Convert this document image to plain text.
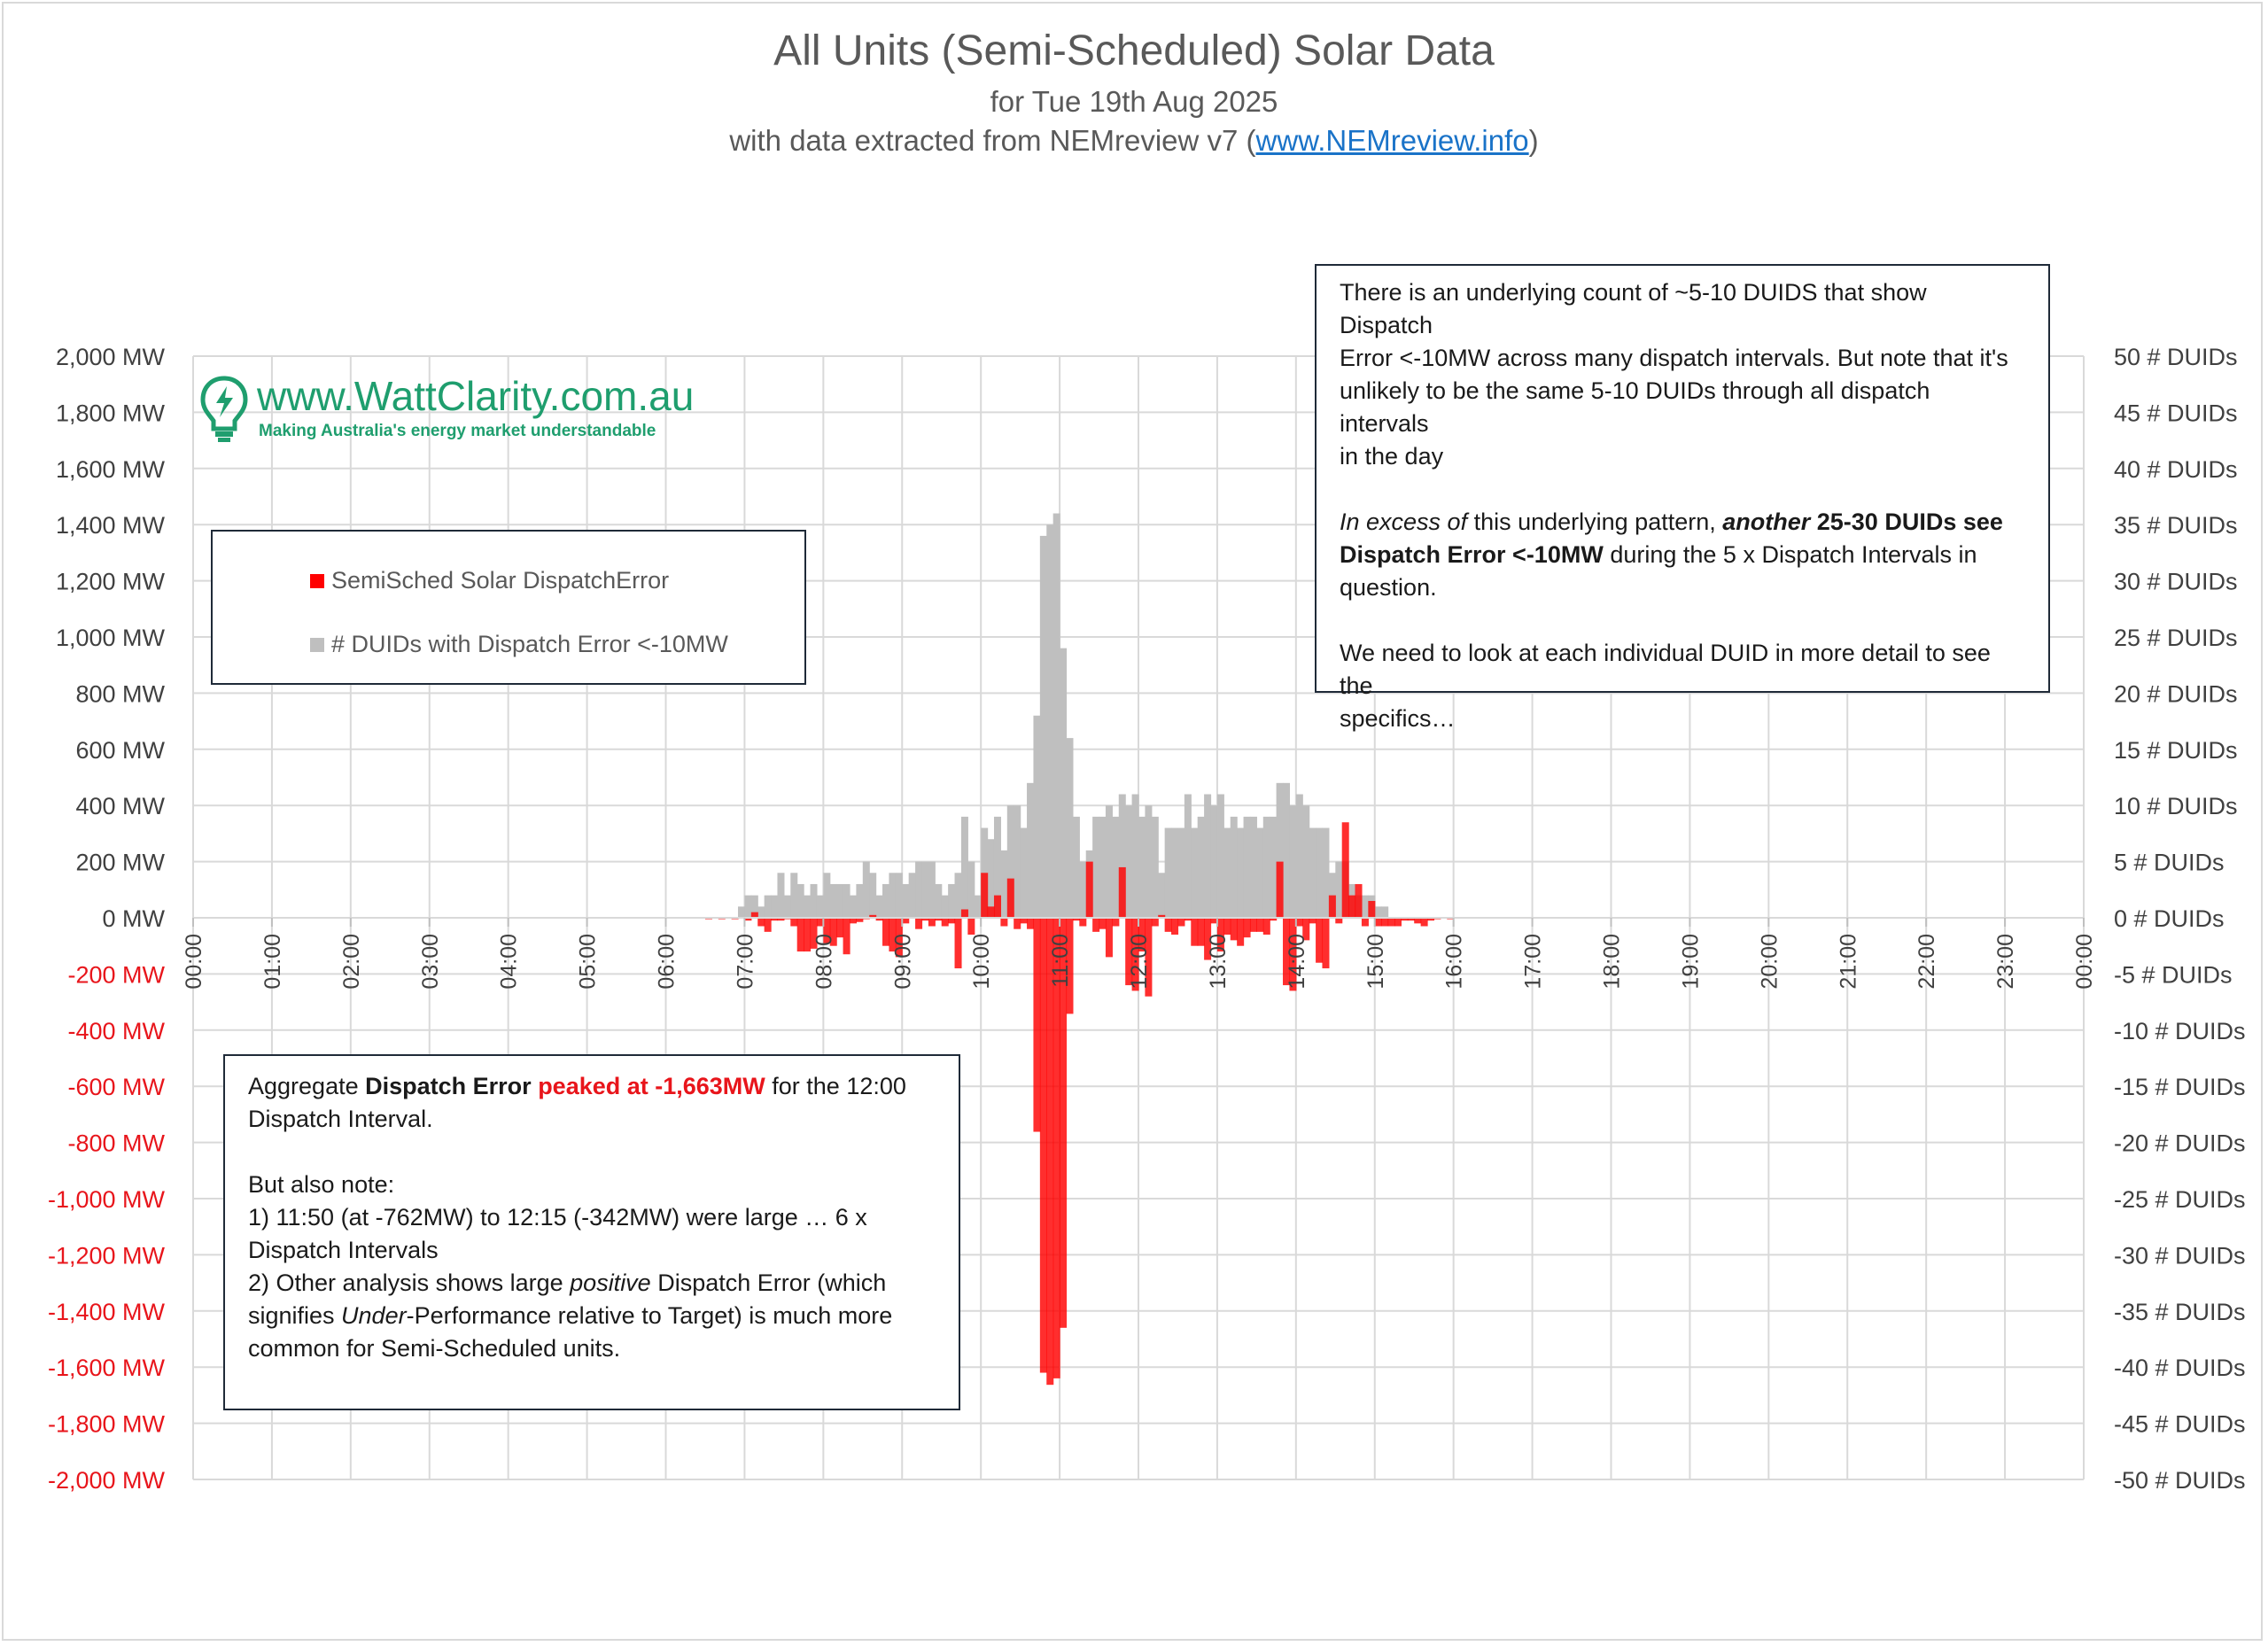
All Units (Semi-Scheduled) Solar Data
for Tue 19th Aug 2025
with data extracted from NEMreview v7 (www.NEMreview.info)
2,000 MW
1,800 MW
1,600 MW
1,400 MW
1,200 MW
1,000 MW
800 MW
600 MW
400 MW
200 MW
0 MW
-200 MW
-400 MW
-600 MW
-800 MW
-1,000 MW
-1,200 MW
-1,400 MW
-1,600 MW
-1,800 MW
-2,000 MW
50 # DUIDs
45 # DUIDs
40 # DUIDs
35 # DUIDs
30 # DUIDs
25 # DUIDs
20 # DUIDs
15 # DUIDs
10 # DUIDs
5 # DUIDs
0 # DUIDs
-5 # DUIDs
-10 # DUIDs
-15 # DUIDs
-20 # DUIDs
-25 # DUIDs
-30 # DUIDs
-35 # DUIDs
-40 # DUIDs
-45 # DUIDs
-50 # DUIDs
00:00 01:00 02:00 03:00 04:00 05:00 06:00 07:00 08:00 09:00 10:00 11:00 12:00 13:00 14:00 15:00 16:00 17:00 18:00 19:00 20:00 21:00 22:00 23:00 00:00
www.WattClarity.com.au
Making Australia's energy market understandable
SemiSched Solar DispatchError
# DUIDs with Dispatch Error <-10MW

Aggregate Dispatch Error peaked at -1,663MW for the 12:00

Dispatch Interval.

But also note:

1) 11:50 (at -762MW) to 12:15 (-342MW) were large … 6 x

Dispatch Intervals

2) Other analysis shows large positive Dispatch Error (which

signifies Under-Performance relative to Target) is much more

common for Semi-Scheduled units.

There is an underlying count of ~5-10 DUIDS that show Dispatch

Error <-10MW across many dispatch intervals. But note that it's

unlikely to be the same 5-10 DUIDs through all dispatch intervals

in the day

In excess of this underlying pattern, another 25-30 DUIDs see

Dispatch Error <-10MW during the 5 x Dispatch Intervals in

question.

We need to look at each individual DUID in more detail to see the

specifics…
